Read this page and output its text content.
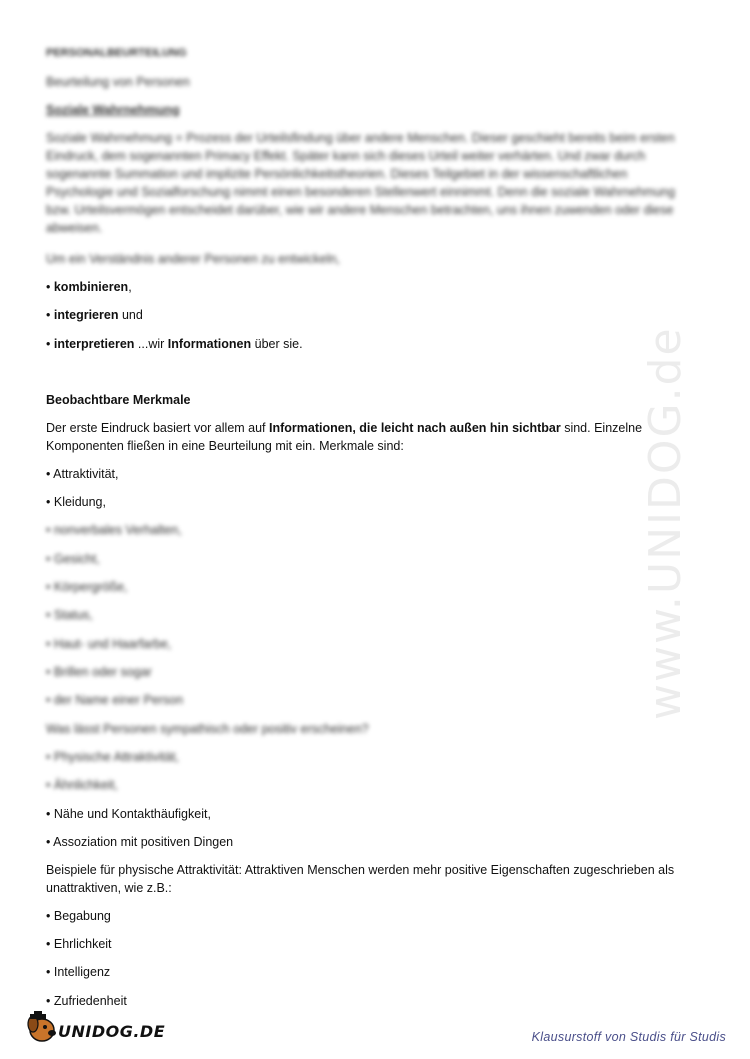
www.UNIDOG.de
PERSONALBEURTEILUNG
Beurteilung von Personen
Soziale Wahrnehmung
Soziale Wahrnehmung = Prozess der Urteilsfindung über andere Menschen. Dieser geschieht bereits beim ersten Eindruck, dem sogenannten Primacy Effekt. Später kann sich dieses Urteil weiter verhärten. Und zwar durch sogenannte Summation und implizite Persönlichkeitstheorien. Dieses Teilgebiet in der wissenschaftlichen Psychologie und Sozialforschung nimmt einen besonderen Stellenwert einnimmt. Denn die soziale Wahrnehmung bzw. Urteilsvermögen entscheidet darüber, wie wir andere Menschen betrachten, uns ihnen zuwenden oder diese abweisen.
Um ein Verständnis anderer Personen zu entwickeln,
• kombinieren,
• integrieren und
• interpretieren ...wir Informationen über sie.
Beobachtbare Merkmale
Der erste Eindruck basiert vor allem auf Informationen, die leicht nach außen hin sichtbar sind. Einzelne
Komponenten fließen in eine Beurteilung mit ein. Merkmale sind:
• Attraktivität,
• Kleidung,
• nonverbales Verhalten,
• Gesicht,
• Körpergröße,
• Status,
• Haut- und Haarfarbe,
• Brillen oder sogar
• der Name einer Person
Was lässt Personen sympathisch oder positiv erscheinen?
• Physische Attraktivität,
• Ähnlichkeit,
• Nähe und Kontakthäufigkeit,
• Assoziation mit positiven Dingen
Beispiele für physische Attraktivität: Attraktiven Menschen werden mehr positive Eigenschaften zugeschrieben als
unattraktiven, wie z.B.:
• Begabung
• Ehrlichkeit
• Intelligenz
• Zufriedenheit
UNIDOG.DE	Klausurstoff von Studis für Studis
